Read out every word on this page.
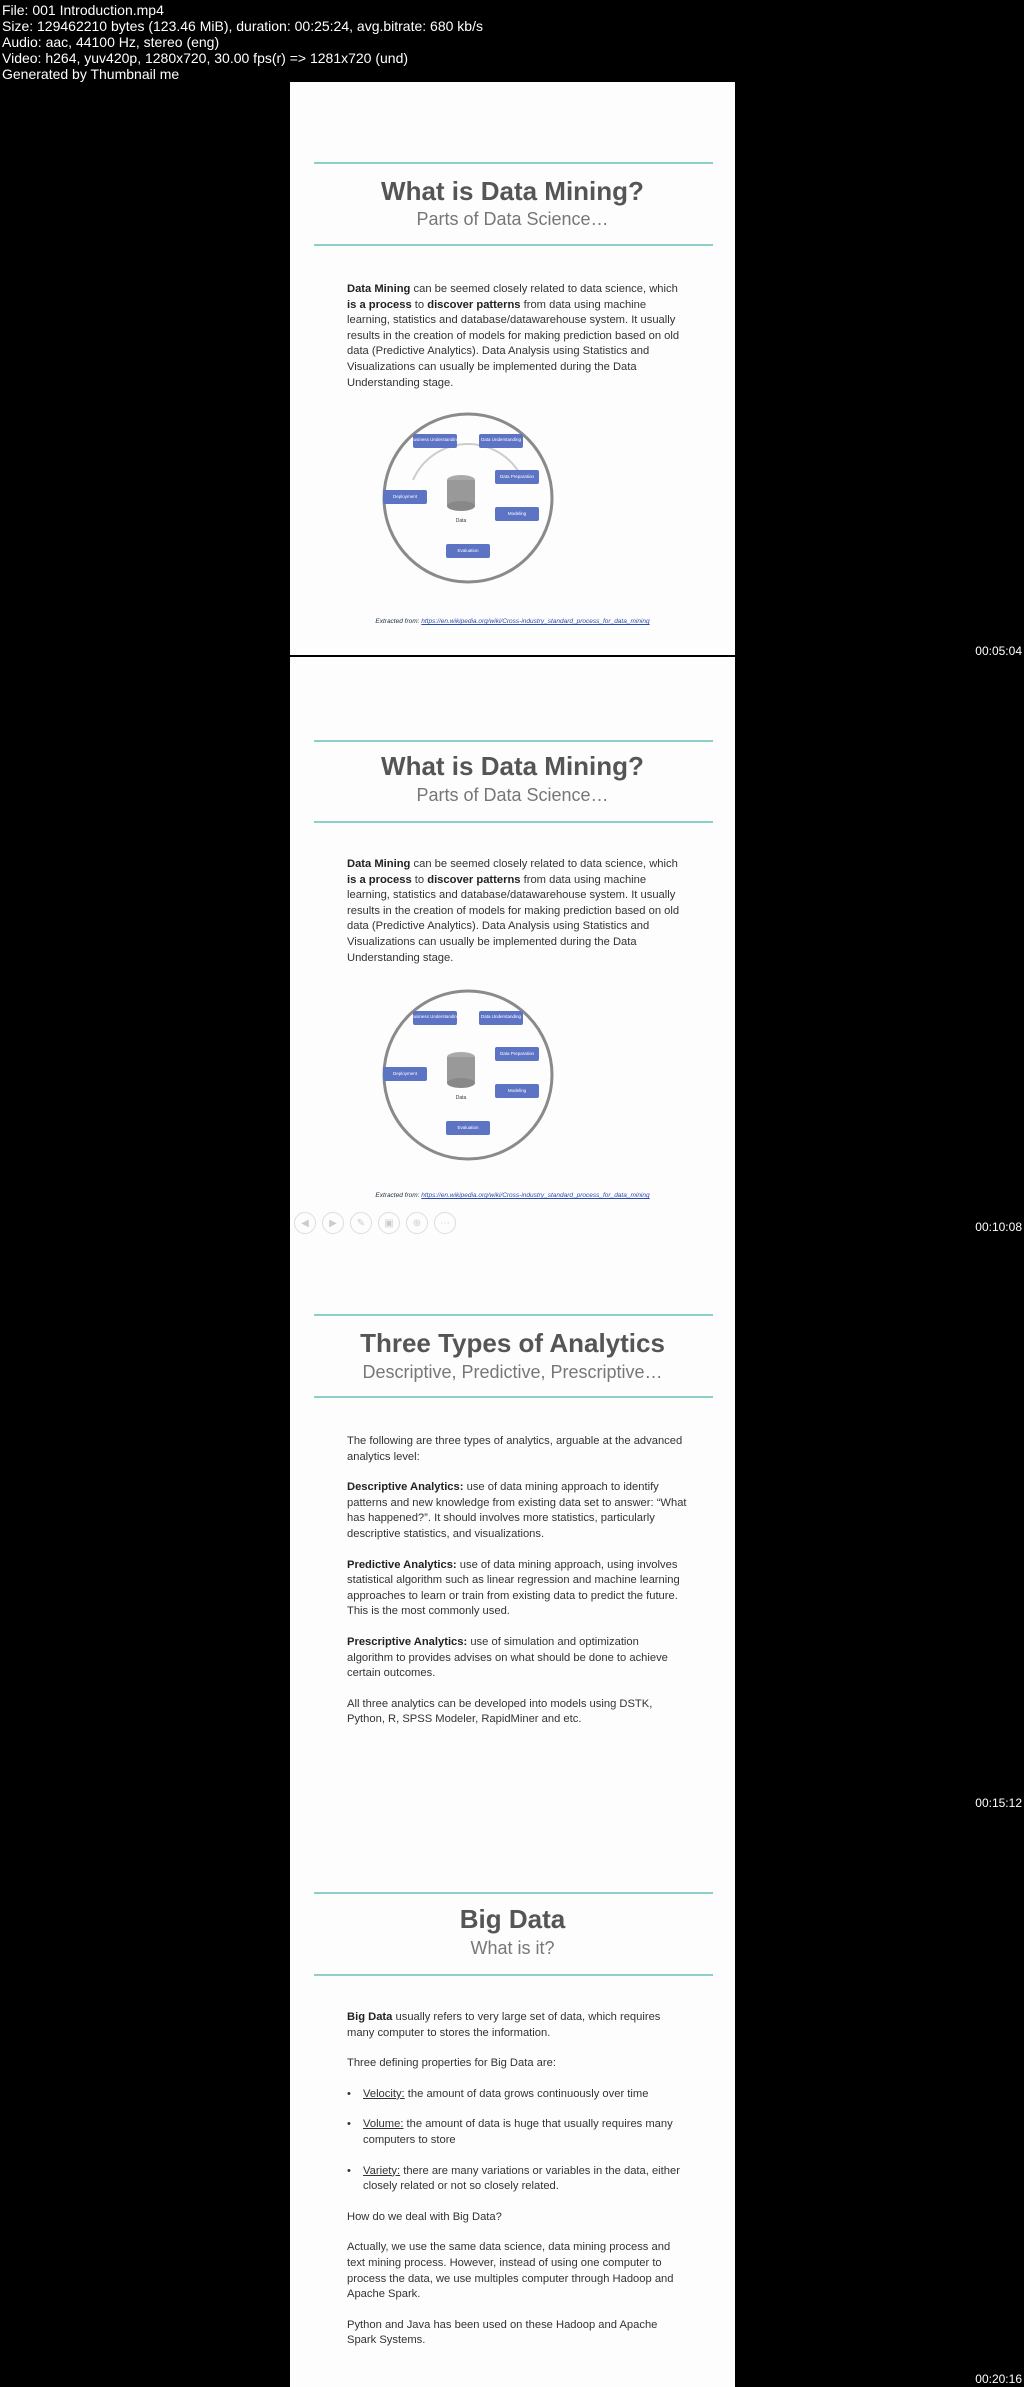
File: 001 Introduction.mp4
Size: 129462210 bytes (123.46 MiB), duration: 00:25:24, avg.bitrate: 680 kb/s
Audio: aac, 44100 Hz, stereo (eng)
Video: h264, yuv420p, 1280x720, 30.00 fps(r) => 1281x720 (und)
Generated by Thumbnail me
What is Data Mining?
Parts of Data Science…

Data Mining can be seemed closely related to data science, which is a process to discover patterns from data using machine learning, statistics and database/datawarehouse system. It usually results in the creation of models for making prediction based on old data (Predictive Analytics). Data Analysis using Statistics and Visualizations can usually be implemented during the Data Understanding stage.

Business Understanding	Data Understanding
Data Preparation
Modeling
Evaluation
Deployment
Data
Extracted from: https://en.wikipedia.org/wiki/Cross-industry_standard_process_for_data_mining
00:05:04
What is Data Mining?
Parts of Data Science…

Data Mining can be seemed closely related to data science, which is a process to discover patterns from data using machine learning, statistics and database/datawarehouse system. It usually results in the creation of models for making prediction based on old data (Predictive Analytics). Data Analysis using Statistics and Visualizations can usually be implemented during the Data Understanding stage.

Business Understanding	Data Understanding
Data Preparation
Modeling
Evaluation
Deployment
Data
Extracted from: https://en.wikipedia.org/wiki/Cross-industry_standard_process_for_data_mining
◀	▶	✎	▣	⊕	⋯	00:10:08
Three Types of Analytics
Descriptive, Predictive, Prescriptive…

The following are three types of analytics, arguable at the advanced analytics level:

Descriptive Analytics: use of data mining approach to identify patterns and new knowledge from existing data set to answer: “What has happened?”. It should involves more statistics, particularly descriptive statistics, and visualizations.

Predictive Analytics: use of data mining approach, using involves statistical algorithm such as linear regression and machine learning approaches to learn or train from existing data to predict the future. This is the most commonly used.

Prescriptive Analytics: use of simulation and optimization algorithm to provides advises on what should be done to achieve certain outcomes.

All three analytics can be developed into models using DSTK, Python, R, SPSS Modeler, RapidMiner and etc.

00:15:12
Big Data
What is it?

Big Data usually refers to very large set of data, which requires many computer to stores the information.

Three defining properties for Big Data are:

• Velocity: the amount of data grows continuously over time
• Volume: the amount of data is huge that usually requires many computers to store
• Variety: there are many variations or variables in the data, either closely related or not so closely related.

How do we deal with Big Data?

Actually, we use the same data science, data mining process and text mining process. However, instead of using one computer to process the data, we use multiples computer through Hadoop and Apache Spark.

Python and Java has been used on these Hadoop and Apache Spark Systems.

00:20:16
